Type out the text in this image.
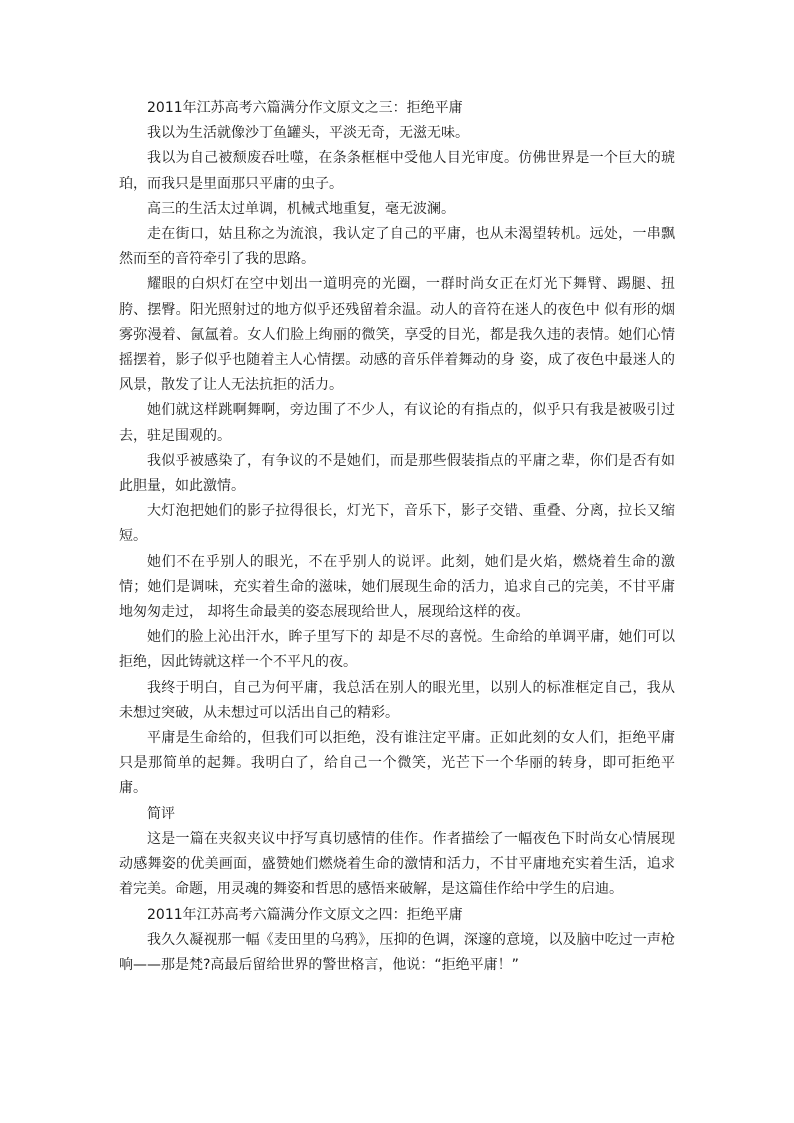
2011年江苏高考六篇满分作文原文之三：拒绝平庸

我以为生活就像沙丁鱼罐头，平淡无奇，无滋无味。

我以为自己被颓废吞吐噬，在条条框框中受他人目光审度。仿佛世界是一个巨大的琥珀，而我只是里面那只平庸的虫子。

高三的生活太过单调，机械式地重复，毫无波澜。

走在街口，姑且称之为流浪，我认定了自己的平庸，也从未渴望转机。远处，一串飘然而至的音符牵引了我的思路。

耀眼的白炽灯在空中划出一道明亮的光圈，一群时尚女正在灯光下舞臂、踢腿、扭胯、摆臀。阳光照射过的地方似乎还残留着余温。动人的音符在迷人的夜色中 似有形的烟雾弥漫着、氤氲着。女人们脸上绚丽的微笑，享受的目光，都是我久违的表情。她们心情摇摆着，影子似乎也随着主人心情摆。动感的音乐伴着舞动的身 姿，成了夜色中最迷人的风景，散发了让人无法抗拒的活力。

她们就这样跳啊舞啊，旁边围了不少人，有议论的有指点的，似乎只有我是被吸引过去，驻足围观的。

我似乎被感染了，有争议的不是她们，而是那些假装指点的平庸之辈，你们是否有如此胆量，如此激情。

大灯泡把她们的影子拉得很长，灯光下，音乐下，影子交错、重叠、分离，拉长又缩短。

她们不在乎别人的眼光，不在乎别人的说评。此刻，她们是火焰，燃烧着生命的激情；她们是调味，充实着生命的滋味，她们展现生命的活力，追求自己的完美，不甘平庸地匆匆走过， 却将生命最美的姿态展现给世人，展现给这样的夜。

她们的脸上沁出汗水，眸子里写下的 却是不尽的喜悦。生命给的单调平庸，她们可以拒绝，因此铸就这样一个不平凡的夜。

我终于明白，自己为何平庸，我总活在别人的眼光里，以别人的标准框定自己，我从未想过突破，从未想过可以活出自己的精彩。

平庸是生命给的，但我们可以拒绝，没有谁注定平庸。正如此刻的女人们，拒绝平庸只是那简单的起舞。我明白了，给自己一个微笑，光芒下一个华丽的转身，即可拒绝平庸。

简评

这是一篇在夹叙夹议中抒写真切感情的佳作。作者描绘了一幅夜色下时尚女心情展现动感舞姿的优美画面，盛赞她们燃烧着生命的激情和活力，不甘平庸地充实着生活，追求着完美。命题，用灵魂的舞姿和哲思的感悟来破解，是这篇佳作给中学生的启迪。

2011年江苏高考六篇满分作文原文之四：拒绝平庸

我久久凝视那一幅《麦田里的乌鸦》，压抑的色调，深邃的意境，以及脑中吃过一声枪响——那是梵?高最后留给世界的警世格言，他说：“拒绝平庸！”
